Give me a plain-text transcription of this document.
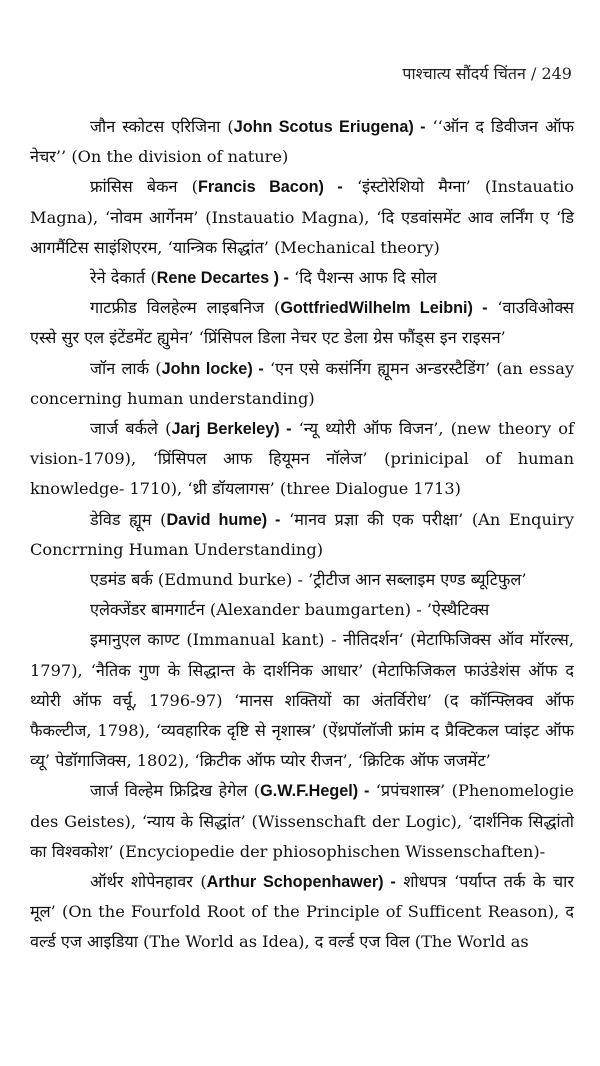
पाश्चात्य सौंदर्य चिंतन / 249

जौन स्कोटस एरिजिना (John Scotus Eriugena) - ‘‘ऑन द डिवीजन ऑफ नेचर’’ (On the division of nature)

फ्रांसिस बेकन (Francis Bacon) - ‘इंस्टोरेशियो मैग्ना’ (Instauatio Magna), ‘नोवम आर्गेनम’ (Instauatio Magna), ‘दि एडवांसमेंट आव लर्निंग ए ‘डि आगमैंटिस साइंशिएरम, ‘यान्त्रिक सिद्धांत’ (Mechanical theory)

रेने देकार्त (Rene Decartes ) - ‘दि पैशन्स आफ दि सोल

गाटफ्रीड विलहेल्म लाइबनिज (GottfriedWilhelm Leibni) - ‘वाउविओक्स एस्से सुर एल इंटेंडमेंट ह्युमेन’ ‘प्रिंसिपल डिला नेचर एट डेला ग्रेस फौंड्स इन राइसन’

जॉन लार्क (John locke) - ‘एन एसे कसंर्निग ह्यूमन अन्डरस्टैडिंग’ (an essay concerning human understanding)

जार्ज बर्कले (Jarj Berkeley) - ‘न्यू थ्योरी ऑफ विजन’, (new theory of vision-1709), ‘प्रिंसिपल आफ हियूमन नॉलेज’ (prinicipal of human knowledge- 1710), ‘थ्री डॉयलागस’ (three Dialogue 1713)

डेविड ह्यूम (David hume) - ‘मानव प्रज्ञा की एक परीक्षा’ (An Enquiry Concrrning Human Understanding)

एडमंड बर्क (Edmund burke) - ’ट्रीटीज आन सब्लाइम एण्ड ब्यूटिफुल’

एलेक्जेंडर बामगार्टन (Alexander baumgarten) - ’ऐस्थैटिक्स

इमानुएल काण्ट (Immanual kant) - नीतिदर्शन‘ (मेटाफिजिक्स ऑव मॉरल्स, 1797), ‘नैतिक गुण के सिद्धान्त के दार्शनिक आधार’ (मेटाफिजिकल फाउंडेशंस ऑफ द थ्योरी ऑफ वर्चू, 1796-97) ‘मानस शक्तियों का अंतर्विरोध’ (द कॉन्फ्लिक्व ऑफ फैकल्टीज, 1798), ‘व्यवहारिक दृष्टि से नृशास्त्र’ (ऐंथ्रपॉलॉजी फ्रांम द प्रैक्टिकल प्वांइट ऑफ व्यू’ पेडॉगाजिक्स, 1802), ‘क्रिटीक ऑफ प्योर रीजन’, ‘क्रिटिक ऑफ जजमेंट’

जार्ज विल्हेम फ्रिद्रिख हेगेल (G.W.F.Hegel) - ‘प्रपंचशास्त्र’ (Phenomelogie des Geistes), ‘न्याय के सिद्धांत’ (Wissenschaft der Logic), ‘दार्शनिक सिद्धांतो का विश्वकोश’ (Encyciopedie der phiosophischen Wissenschaften)-

ऑर्थर शोपेनहावर (Arthur Schopenhawer) - शोधपत्र ‘पर्याप्त तर्क के चार मूल’ (On the Fourfold Root of the Principle of Sufficent Reason), द वर्ल्ड एज आइडिया (The World as Idea), द वर्ल्ड एज विल (The World as
